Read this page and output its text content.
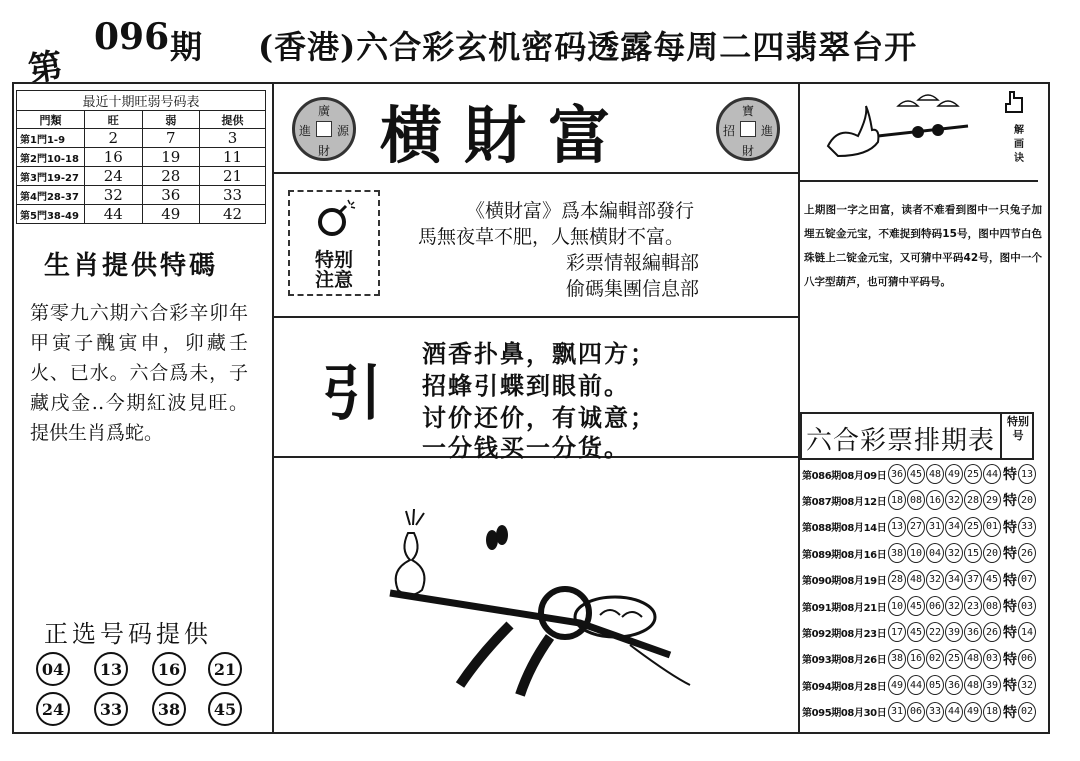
第
096 期 (香港)六合彩玄机密码透露每周二四翡翠台开
最近十期旺弱号码表			
門類	旺	弱	提供
第1門1-9	2	7	3
第2門10-18	16	19	11
第3門19-27	24	28	21
第4門28-37	32	36	33
第5門38-49	44	49	42
生肖提供特碼
第零九六期六合彩辛卯年甲寅子醜寅申，卯藏壬火、已水。六合爲未，子藏戌金‥今期紅波見旺。提供生肖爲蛇。
正选号码提供
04	13	16	21
24	33	38	45
廣
進 源
財 横財富	寶
招 進
財
特别
注意
《横財富》爲本編輯部發行
馬無夜草不肥，人無横財不富。
彩票情報編輯部
偷碼集團信息部
引
酒香扑鼻，飘四方；
招蜂引蝶到眼前。
讨价还价，有诚意；
一分钱买一分货。
解画诀
上期图一字之田富，读者不难看到图中一只兔子加埋五锭金元宝，不难捉到特码15号，图中四节白色珠链上二锭金元宝，又可猜中平码42号，图中一个八字型葫芦，也可猜中平码号。
六合彩票排期表
特别
号
第086期08月09日 36 45 48 49 25 44 特 13
第087期08月12日 18 08 16 32 28 29 特 20
第088期08月14日 13 27 31 34 25 01 特 33
第089期08月16日 38 10 04 32 15 20 特 26
第090期08月19日 28 48 32 34 37 45 特 07
第091期08月21日 10 45 06 32 23 08 特 03
第092期08月23日 17 45 22 39 36 26 特 14
第093期08月26日 38 16 02 25 48 03 特 06
第094期08月28日 49 44 05 36 48 39 特 32
第095期08月30日 31 06 33 44 49 18 特 02
